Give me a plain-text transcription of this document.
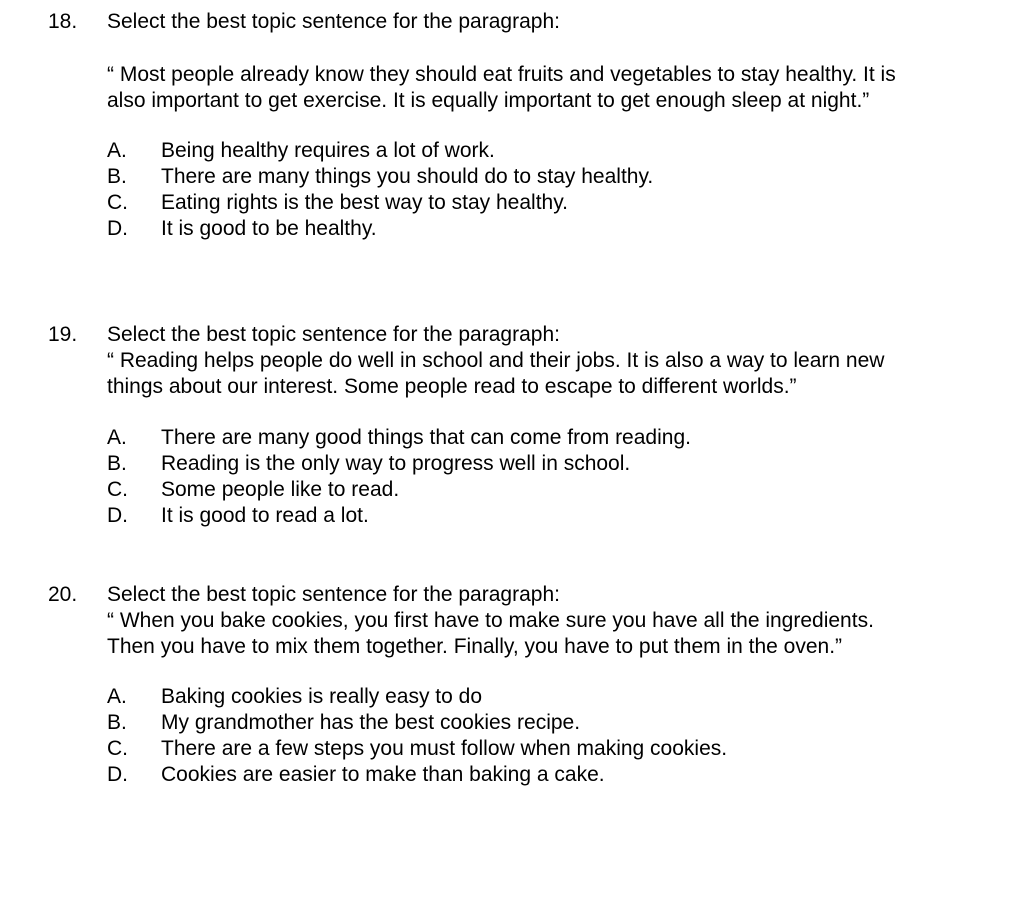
18. Select the best topic sentence for the paragraph:
“ Most people already know they should eat fruits and vegetables to stay healthy. It is
also important to get exercise. It is equally important to get enough sleep at night.”
A. Being healthy requires a lot of work.
B. There are many things you should do to stay healthy.
C. Eating rights is the best way to stay healthy.
D. It is good to be healthy.
19. Select the best topic sentence for the paragraph:
“ Reading helps people do well in school and their jobs. It is also a way to learn new
things about our interest. Some people read to escape to different worlds.”
A. There are many good things that can come from reading.
B. Reading is the only way to progress well in school.
C. Some people like to read.
D. It is good to read a lot.
20. Select the best topic sentence for the paragraph:
“ When you bake cookies, you first have to make sure you have all the ingredients.
Then you have to mix them together. Finally, you have to put them in the oven.”
A. Baking cookies is really easy to do
B. My grandmother has the best cookies recipe.
C. There are a few steps you must follow when making cookies.
D. Cookies are easier to make than baking a cake.
